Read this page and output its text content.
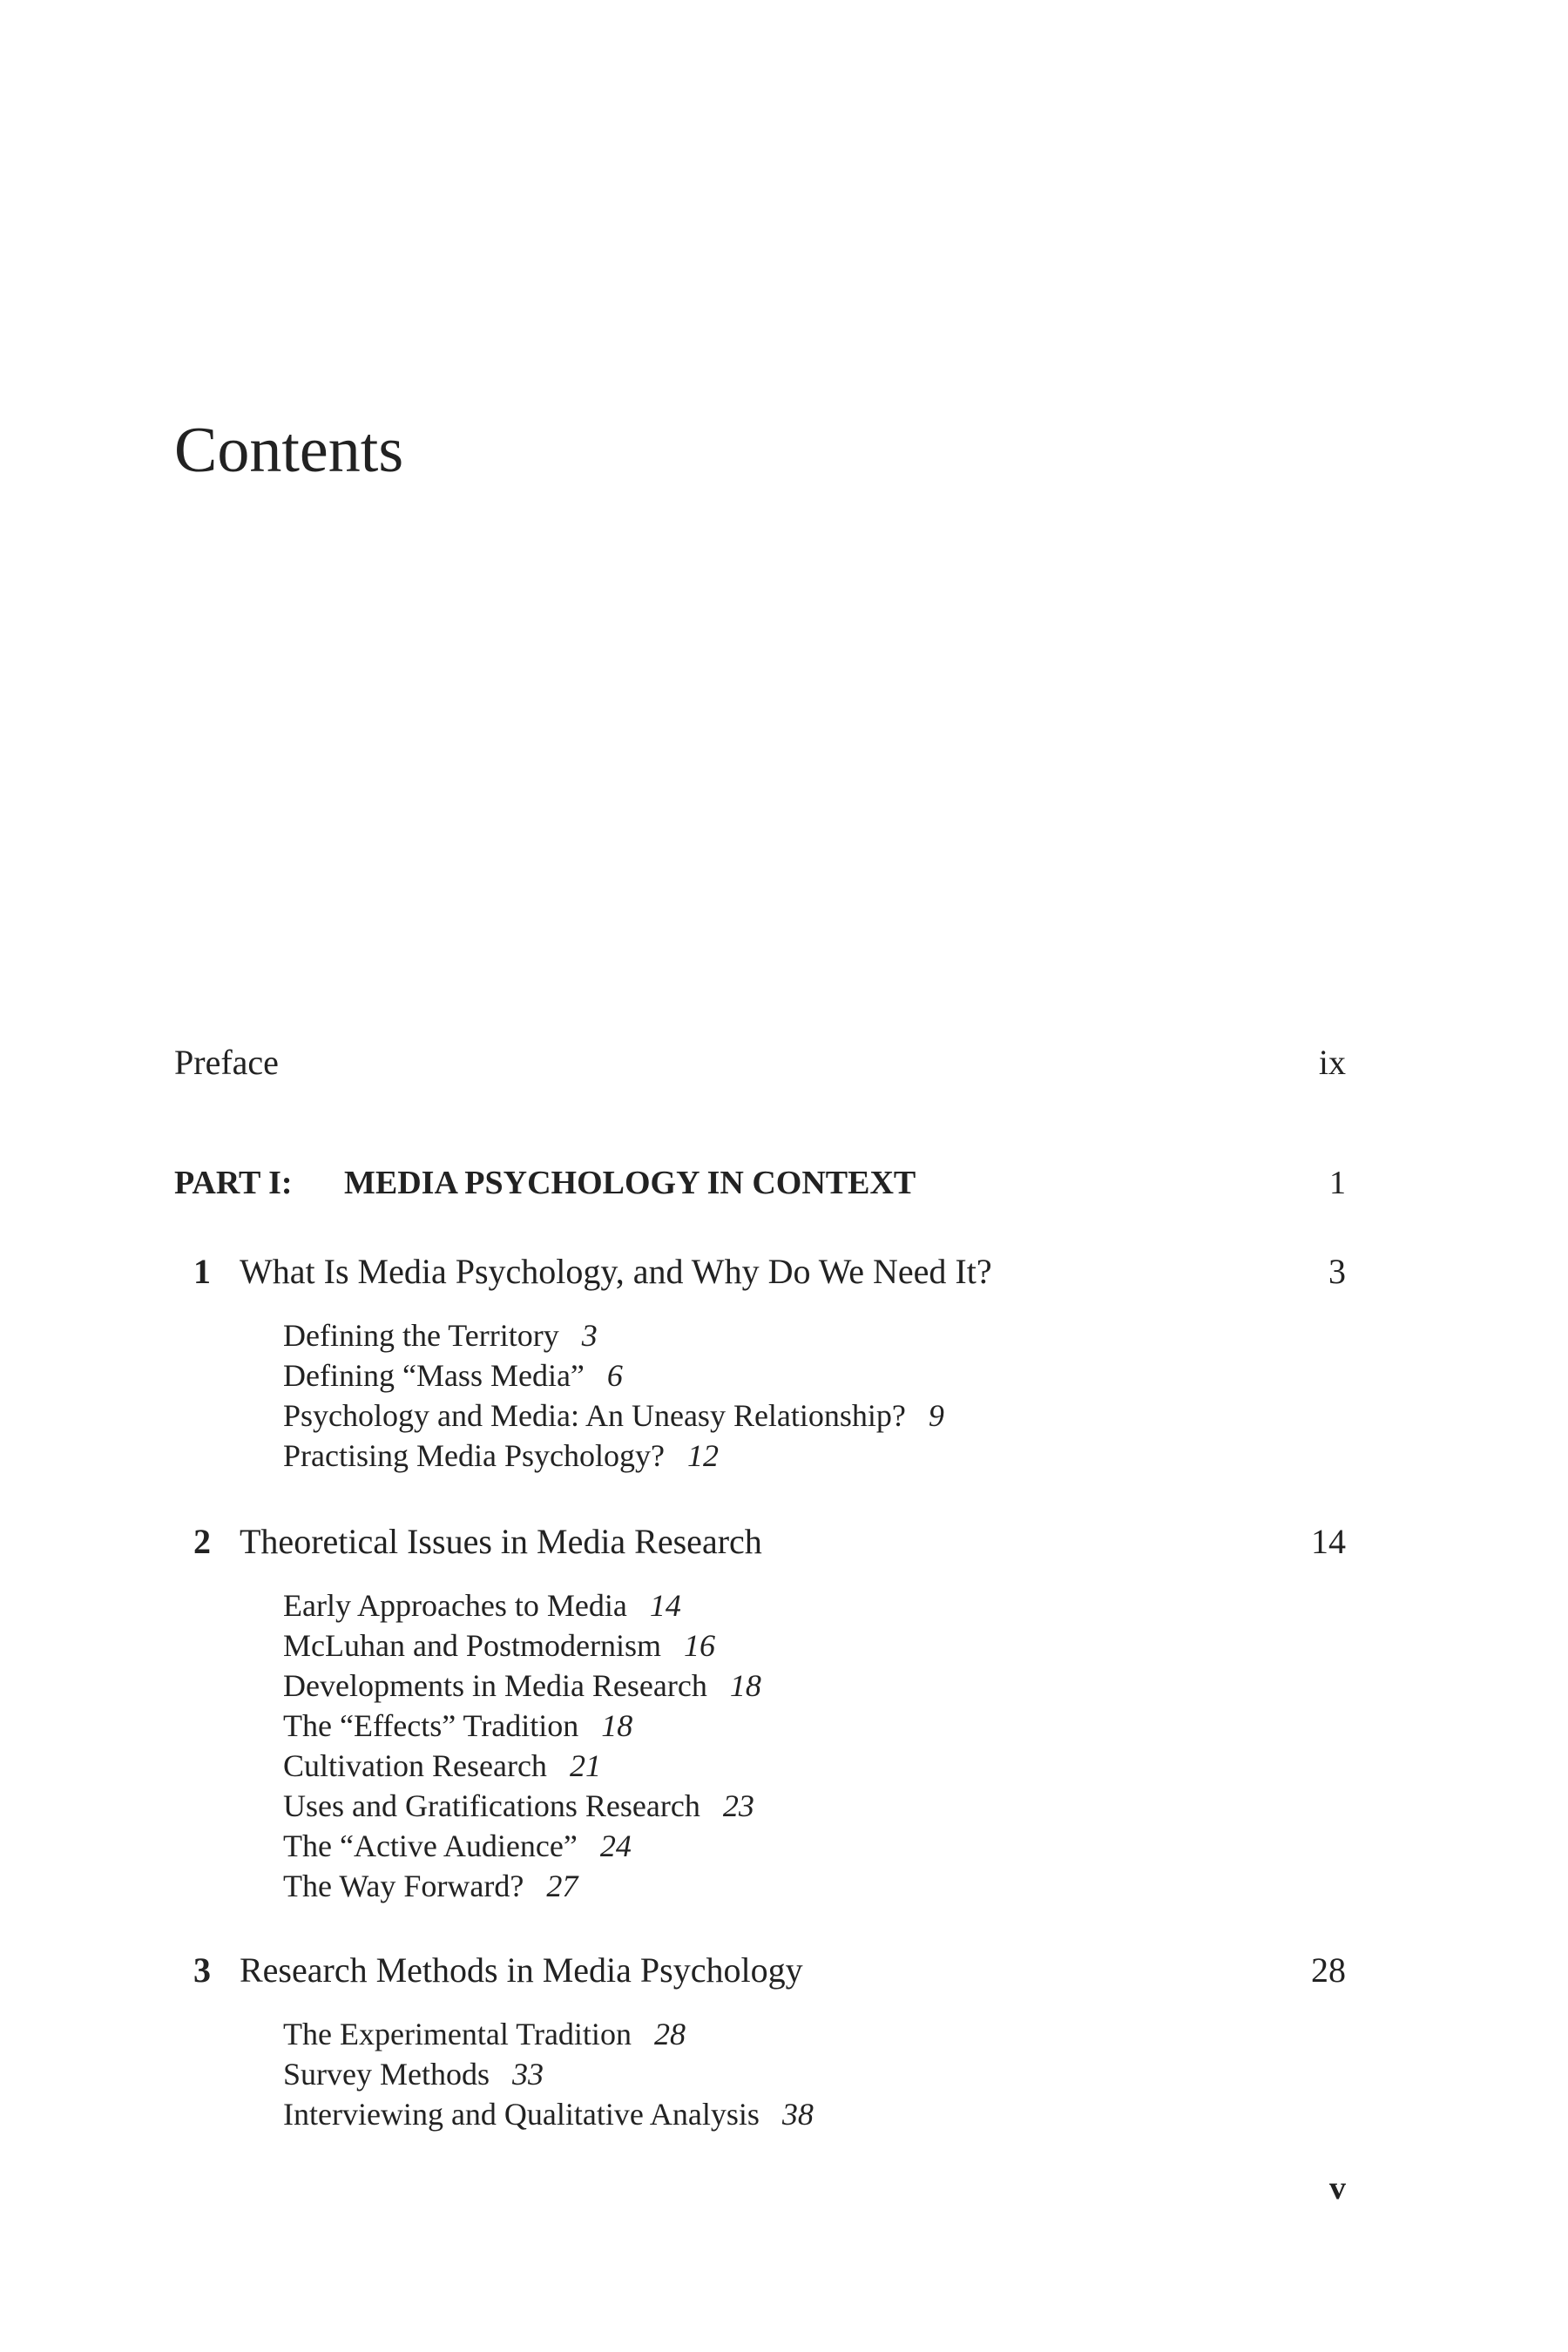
Contents
Preface	ix
PART I: MEDIA PSYCHOLOGY IN CONTEXT	1
1 What Is Media Psychology, and Why Do We Need It?	3
Defining the Territory 3
Defining “Mass Media” 6
Psychology and Media: An Uneasy Relationship? 9
Practising Media Psychology? 12
2 Theoretical Issues in Media Research	14
Early Approaches to Media 14
McLuhan and Postmodernism 16
Developments in Media Research 18
The “Effects” Tradition 18
Cultivation Research 21
Uses and Gratifications Research 23
The “Active Audience” 24
The Way Forward? 27
3 Research Methods in Media Psychology	28
The Experimental Tradition 28
Survey Methods 33
Interviewing and Qualitative Analysis 38
v
